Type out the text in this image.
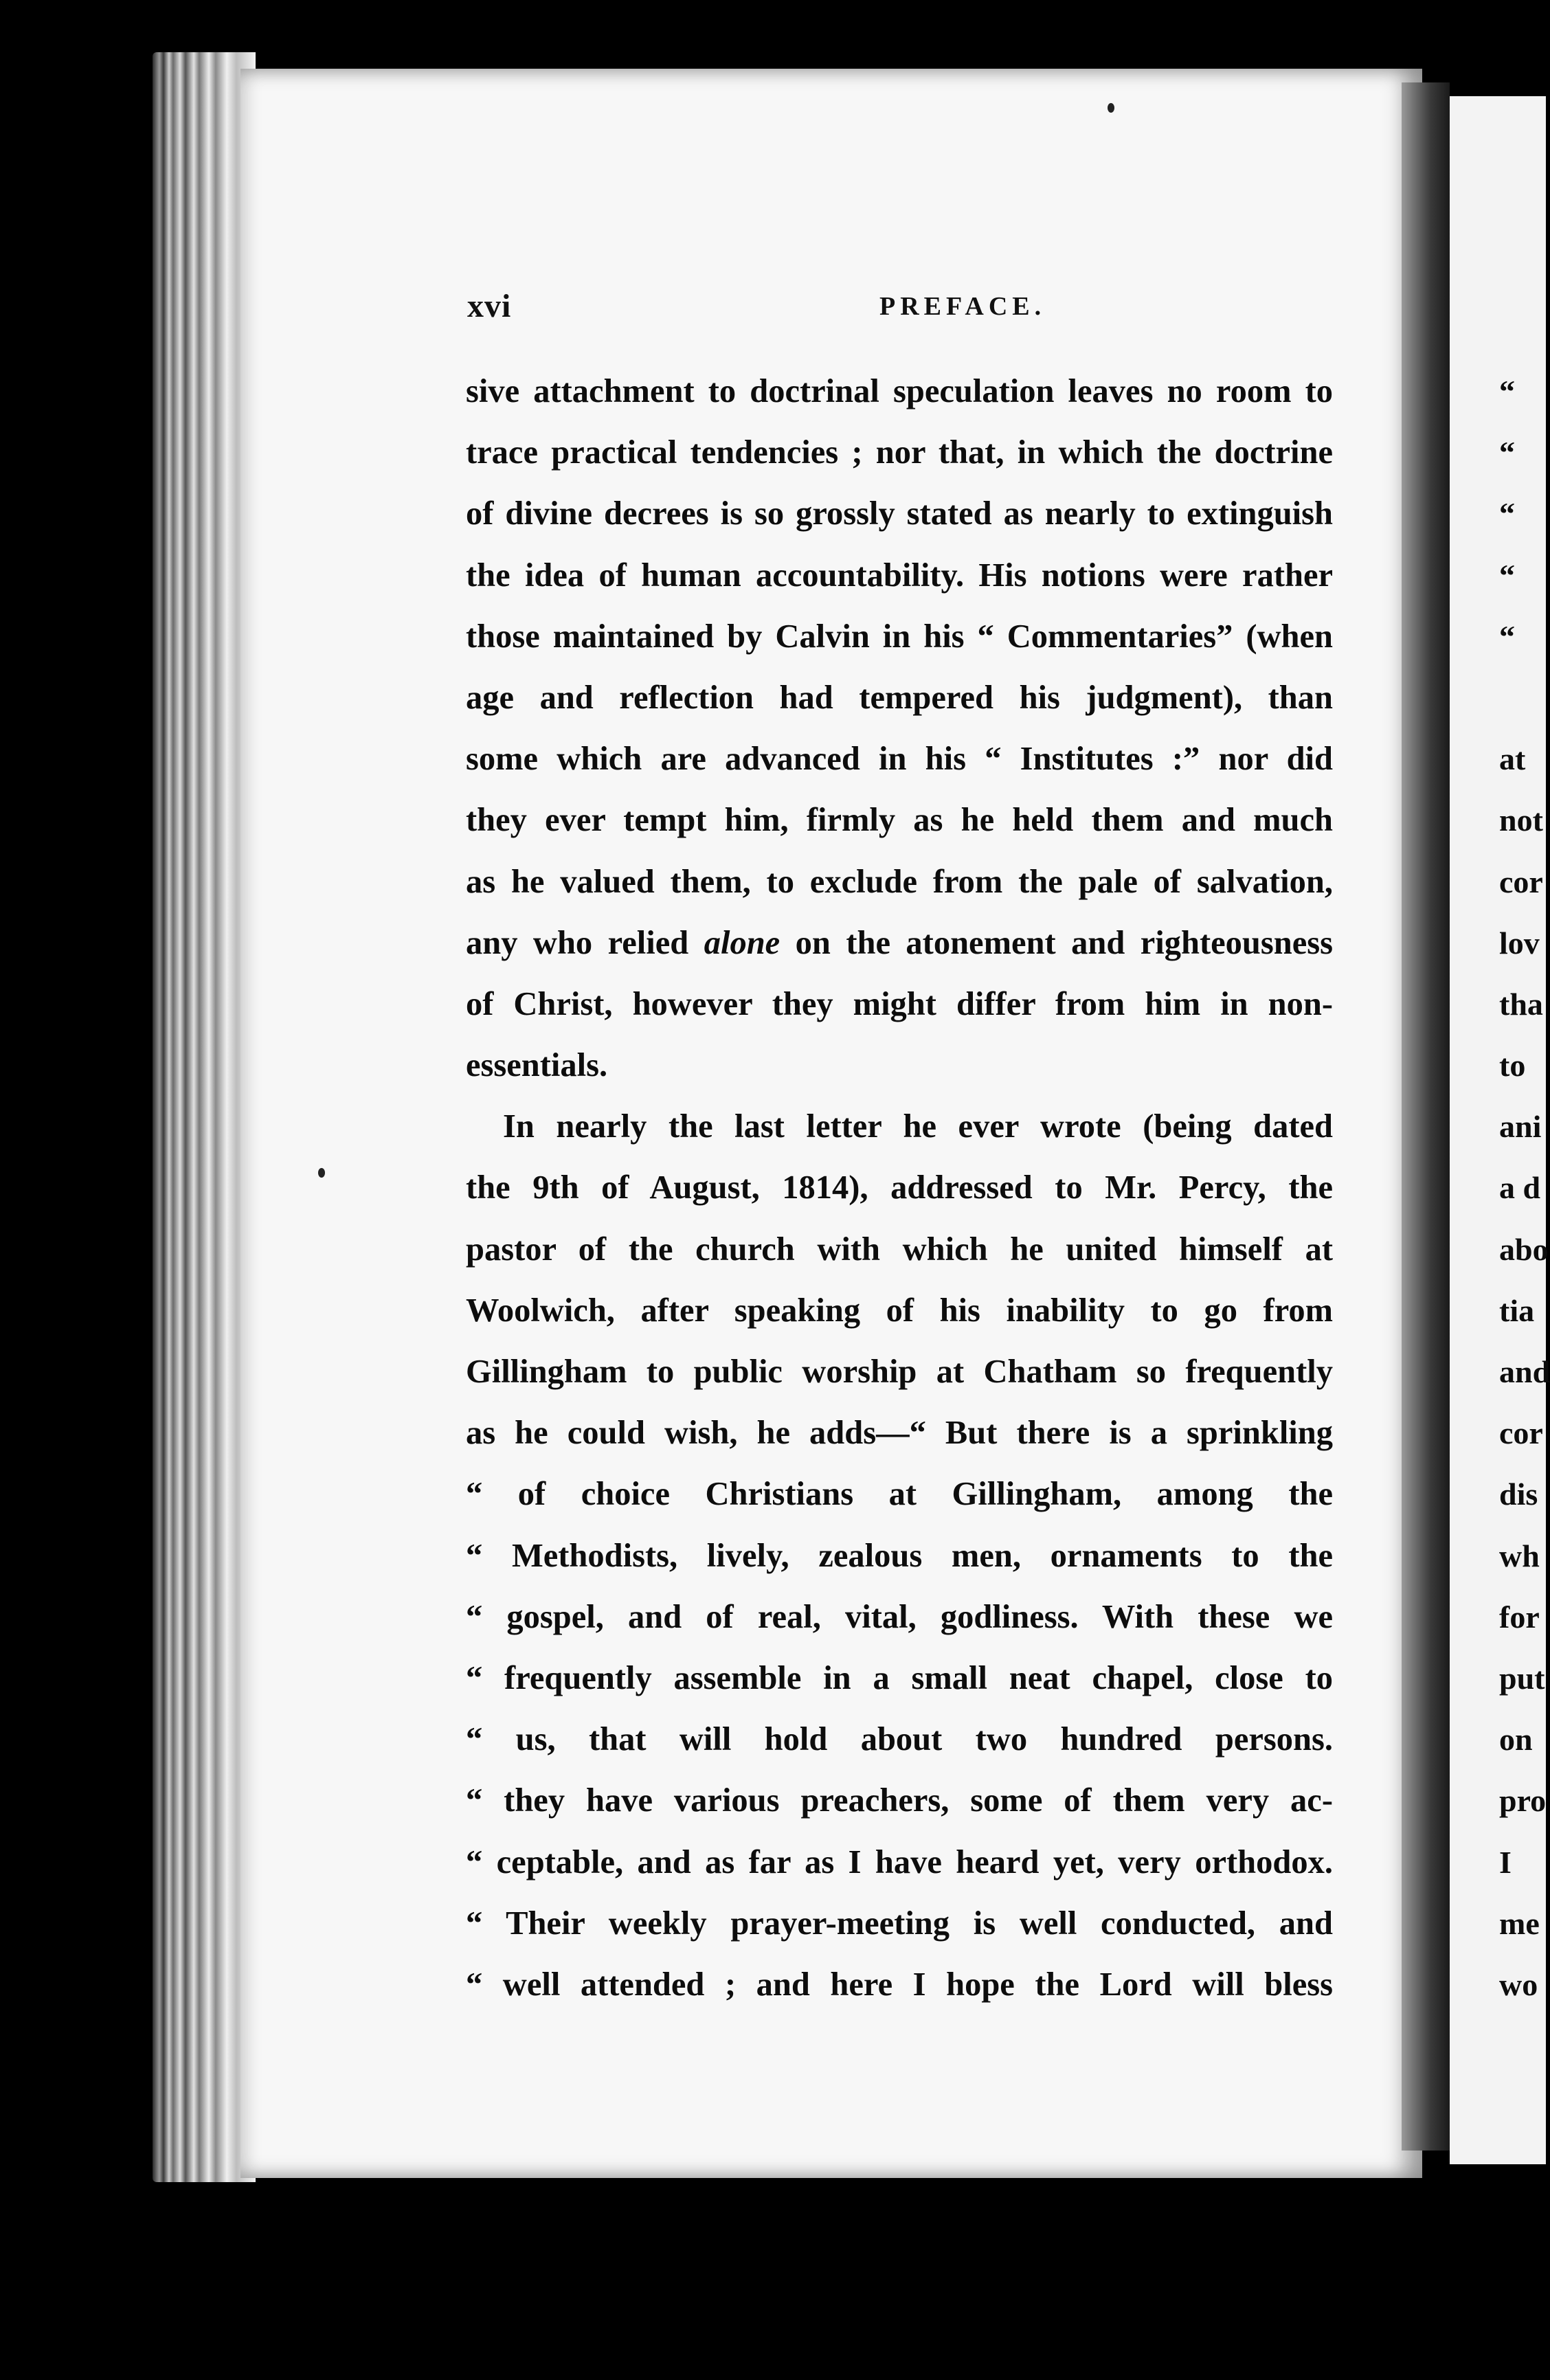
xvi	PREFACE.
sive attachment to doctrinal speculation leaves no room to
trace practical tendencies ; nor that, in which the doctrine
of divine decrees is so grossly stated as nearly to extinguish
the idea of human accountability. His notions were rather
those maintained by Calvin in his “ Commentaries” (when
age and reflection had tempered his judgment), than
some which are advanced in his “ Institutes :” nor did
they ever tempt him, firmly as he held them and much
as he valued them, to exclude from the pale of salvation,
any who relied alone on the atonement and righteousness
of Christ, however they might differ from him in non-
essentials.
In nearly the last letter he ever wrote (being dated
the 9th of August, 1814), addressed to Mr. Percy, the
pastor of the church with which he united himself at
Woolwich, after speaking of his inability to go from
Gillingham to public worship at Chatham so frequently
as he could wish, he adds—“ But there is a sprinkling
“ of choice Christians at Gillingham, among the
“ Methodists, lively, zealous men, ornaments to the
“ gospel, and of real, vital, godliness. With these we
“ frequently assemble in a small neat chapel, close to
“ us, that will hold about two hundred persons.
“ they have various preachers, some of them very ac-
“ ceptable, and as far as I have heard yet, very orthodox.
“ Their weekly prayer-meeting is well conducted, and
“ well attended ; and here I hope the Lord will bless
“
“
“
“
“
at
not
cor
lov
tha
to
ani
a d
abo
tia
and
cor
dis
wh
for
put
on
pro
I
me
wo
